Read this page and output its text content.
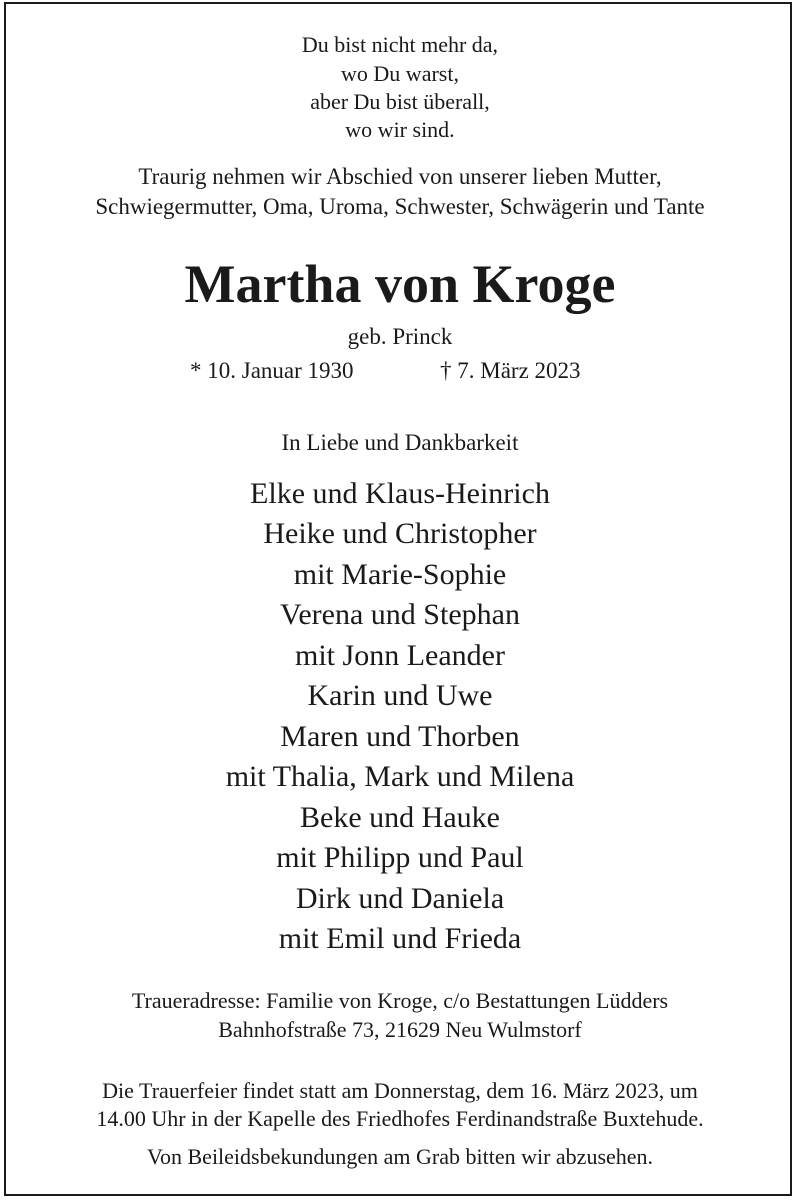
Du bist nicht mehr da,
wo Du warst,
aber Du bist überall,
wo wir sind.
Traurig nehmen wir Abschied von unserer lieben Mutter,
Schwiegermutter, Oma, Uroma, Schwester, Schwägerin und Tante
Martha von Kroge
geb. Princk
* 10. Januar 1930	† 7. März 2023
In Liebe und Dankbarkeit
Elke und Klaus-Heinrich
Heike und Christopher
mit Marie-Sophie
Verena und Stephan
mit Jonn Leander
Karin und Uwe
Maren und Thorben
mit Thalia, Mark und Milena
Beke und Hauke
mit Philipp und Paul
Dirk und Daniela
mit Emil und Frieda
Traueradresse: Familie von Kroge, c/o Bestattungen Lüdders
Bahnhofstraße 73, 21629 Neu Wulmstorf
Die Trauerfeier findet statt am Donnerstag, dem 16. März 2023, um
14.00 Uhr in der Kapelle des Friedhofes Ferdinandstraße Buxtehude.
Von Beileidsbekundungen am Grab bitten wir abzusehen.
